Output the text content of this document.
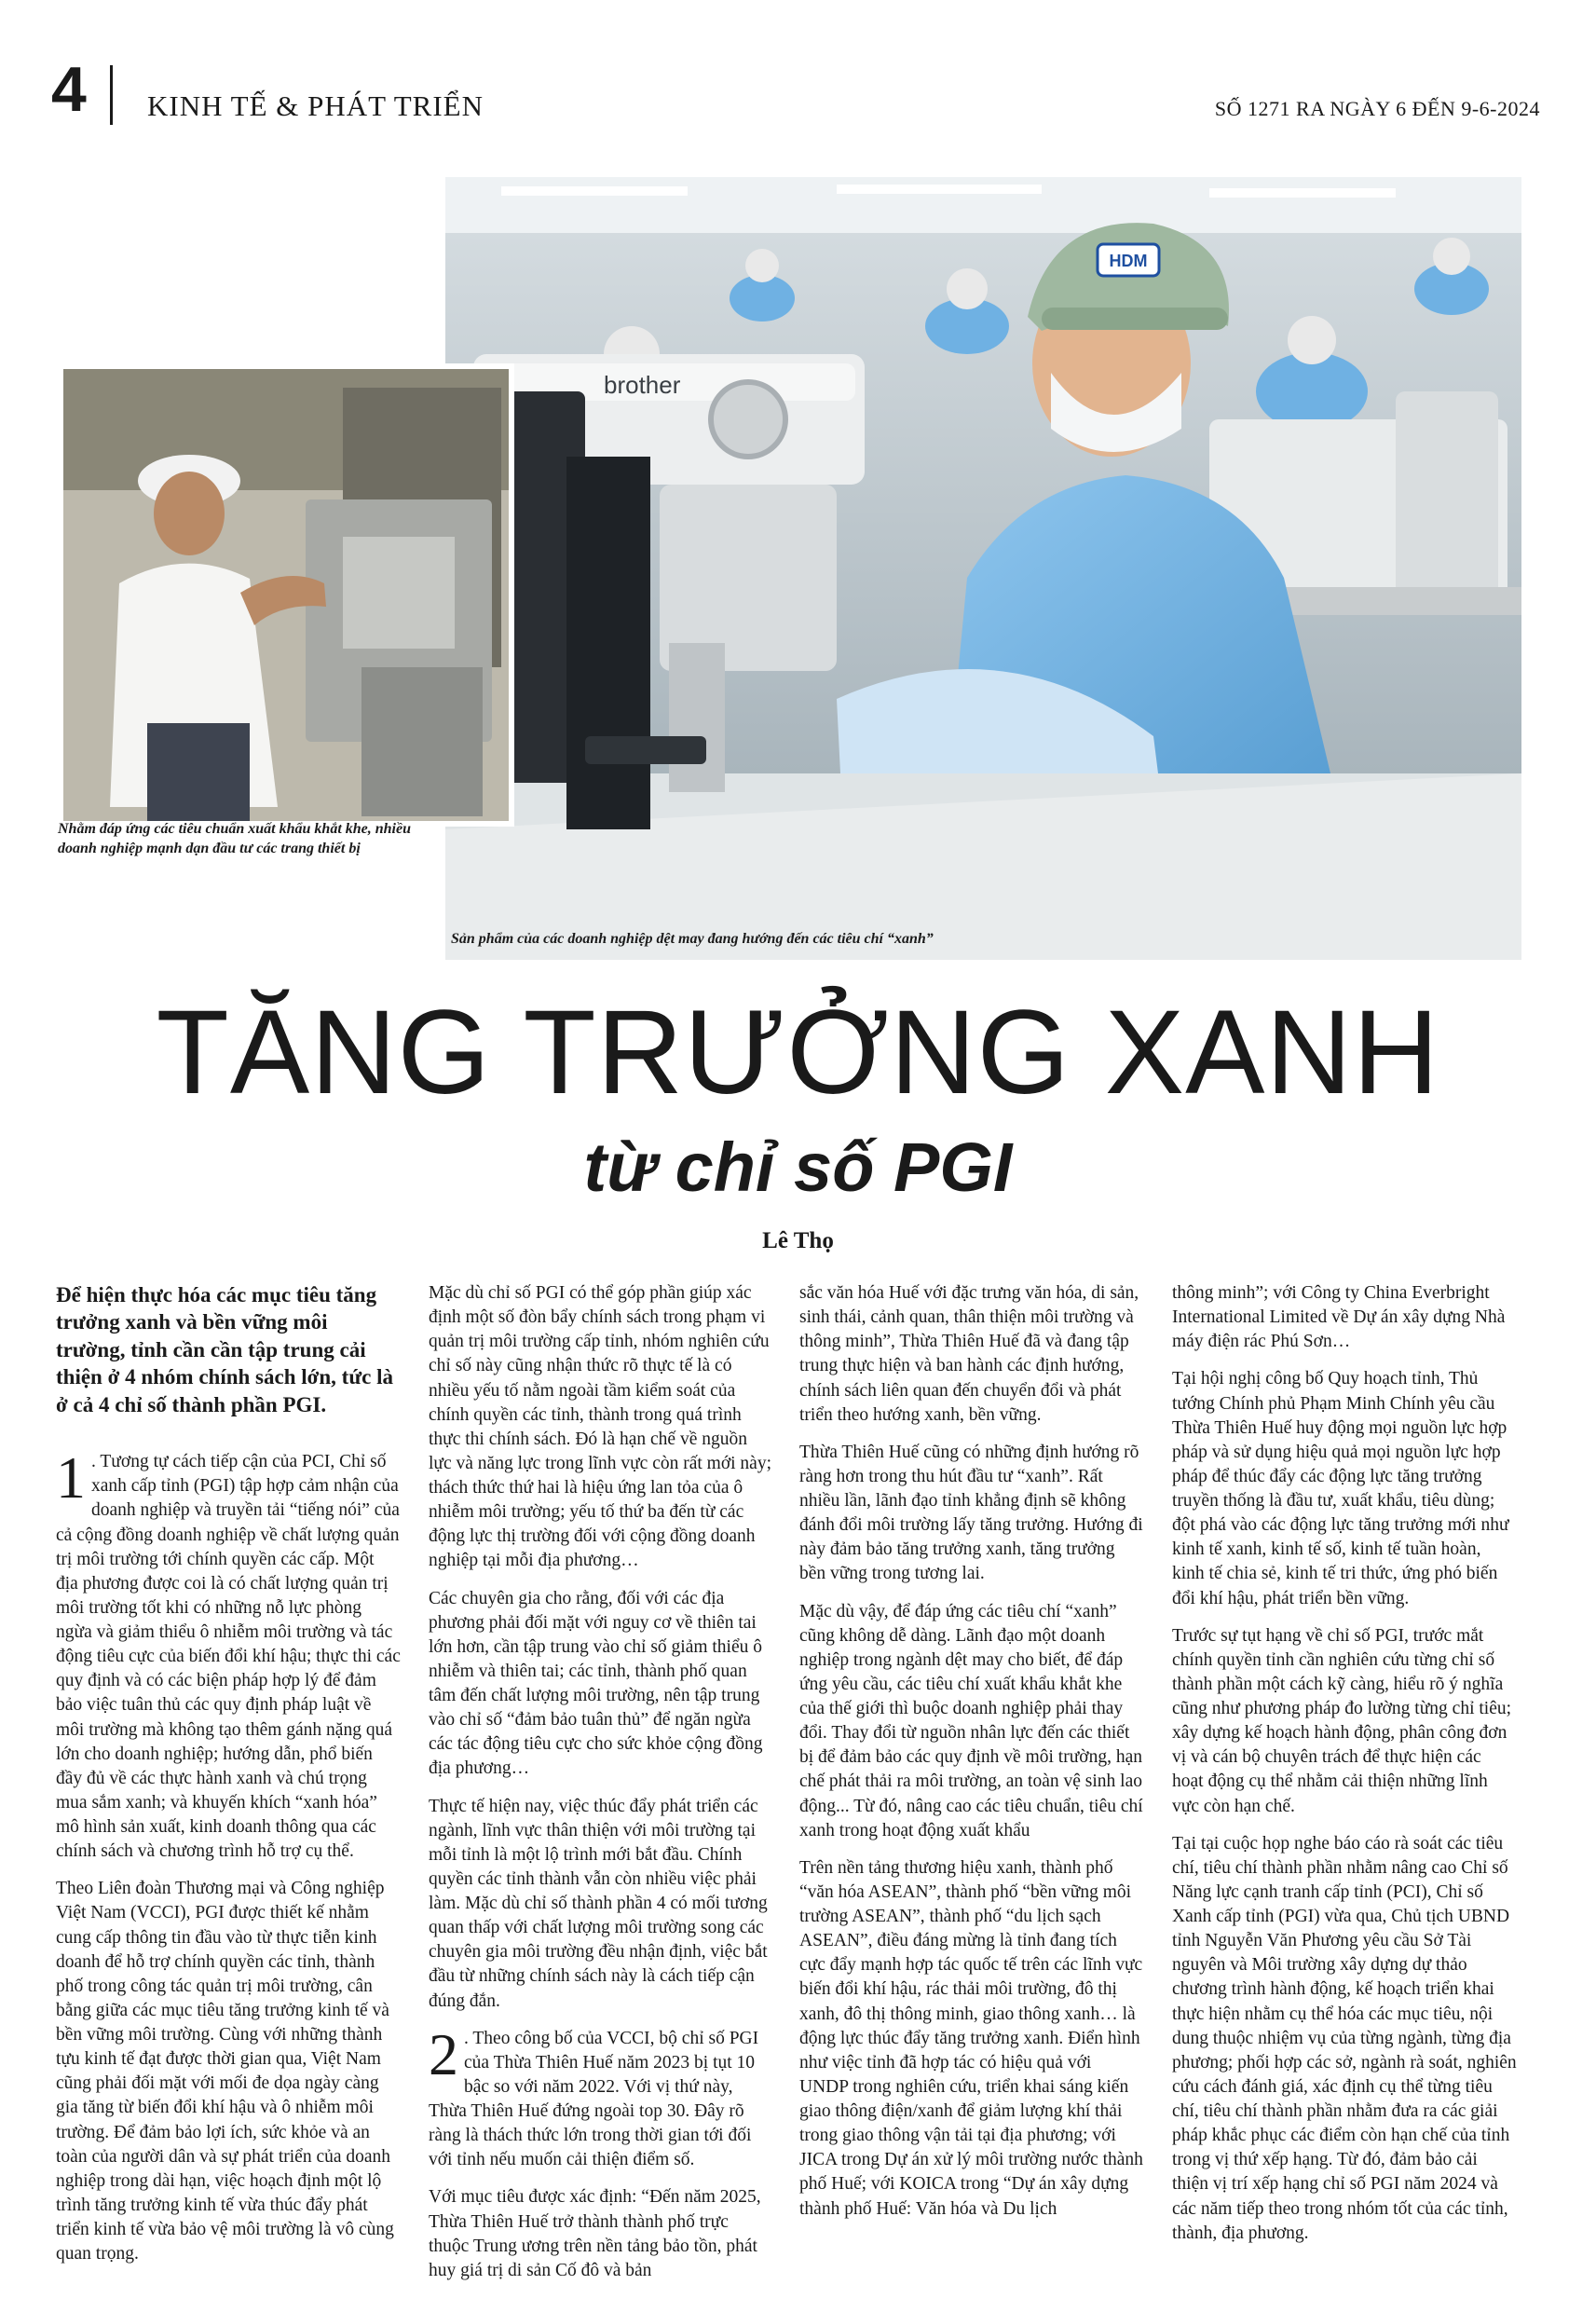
4 KINH TẾ & PHÁT TRIỂN	SỐ 1271 RA NGÀY 6 ĐẾN 9-6-2024
HDM
brother
Nhằm đáp ứng các tiêu chuẩn xuất khẩu khắt khe, nhiều doanh nghiệp mạnh dạn đầu tư các trang thiết bị
Sản phẩm của các doanh nghiệp dệt may đang hướng đến các tiêu chí “xanh”
TĂNG TRƯỞNG XANH
từ chỉ số PGI
Lê Thọ

Để hiện thực hóa các mục tiêu tăng trưởng xanh và bền vững môi trường, tỉnh cần cần tập trung cải thiện ở 4 nhóm chính sách lớn, tức là ở cả 4 chỉ số thành phần PGI.

1 . Tương tự cách tiếp cận của PCI, Chỉ số xanh cấp tỉnh (PGI) tập hợp cảm nhận của doanh nghiệp và truyền tải “tiếng nói” của cả cộng đồng doanh nghiệp về chất lượng quản trị môi trường tới chính quyền các cấp. Một địa phương được coi là có chất lượng quản trị môi trường tốt khi có những nỗ lực phòng ngừa và giảm thiểu ô nhiễm môi trường và tác động tiêu cực của biến đổi khí hậu; thực thi các quy định và có các biện pháp hợp lý để đảm bảo việc tuân thủ các quy định pháp luật về môi trường mà không tạo thêm gánh nặng quá lớn cho doanh nghiệp; hướng dẫn, phổ biến đầy đủ về các thực hành xanh và chú trọng mua sắm xanh; và khuyến khích “xanh hóa” mô hình sản xuất, kinh doanh thông qua các chính sách và chương trình hỗ trợ cụ thể.

Theo Liên đoàn Thương mại và Công nghiệp Việt Nam (VCCI), PGI được thiết kế nhằm cung cấp thông tin đầu vào từ thực tiễn kinh doanh để hỗ trợ chính quyền các tỉnh, thành phố trong công tác quản trị môi trường, cân bằng giữa các mục tiêu tăng trưởng kinh tế và bền vững môi trường. Cùng với những thành tựu kinh tế đạt được thời gian qua, Việt Nam cũng phải đối mặt với mối đe dọa ngày càng gia tăng từ biến đổi khí hậu và ô nhiễm môi trường. Để đảm bảo lợi ích, sức khỏe và an toàn của người dân và sự phát triển của doanh nghiệp trong dài hạn, việc hoạch định một lộ trình tăng trưởng kinh tế vừa thúc đẩy phát triển kinh tế vừa bảo vệ môi trường là vô cùng quan trọng.

Mặc dù chỉ số PGI có thể góp phần giúp xác định một số đòn bẩy chính sách trong phạm vi quản trị môi trường cấp tỉnh, nhóm nghiên cứu chỉ số này cũng nhận thức rõ thực tế là có nhiều yếu tố nằm ngoài tầm kiểm soát của chính quyền các tỉnh, thành trong quá trình thực thi chính sách. Đó là hạn chế về nguồn lực và năng lực trong lĩnh vực còn rất mới này; thách thức thứ hai là hiệu ứng lan tỏa của ô nhiễm môi trường; yếu tố thứ ba đến từ các động lực thị trường đối với cộng đồng doanh nghiệp tại mỗi địa phương…

Các chuyên gia cho rằng, đối với các địa phương phải đối mặt với nguy cơ về thiên tai lớn hơn, cần tập trung vào chỉ số giảm thiểu ô nhiễm và thiên tai; các tỉnh, thành phố quan tâm đến chất lượng môi trường, nên tập trung vào chỉ số “đảm bảo tuân thủ” để ngăn ngừa các tác động tiêu cực cho sức khỏe cộng đồng địa phương…

Thực tế hiện nay, việc thúc đẩy phát triển các ngành, lĩnh vực thân thiện với môi trường tại mỗi tỉnh là một lộ trình mới bắt đầu. Chính quyền các tỉnh thành vẫn còn nhiều việc phải làm. Mặc dù chỉ số thành phần 4 có mối tương quan thấp với chất lượng môi trường song các chuyên gia môi trường đều nhận định, việc bắt đầu từ những chính sách này là cách tiếp cận đúng đắn.

2 . Theo công bố của VCCI, bộ chỉ số PGI của Thừa Thiên Huế năm 2023 bị tụt 10 bậc so với năm 2022. Với vị thứ này, Thừa Thiên Huế đứng ngoài top 30. Đây rõ ràng là thách thức lớn trong thời gian tới đối với tỉnh nếu muốn cải thiện điểm số.

Với mục tiêu được xác định: “Đến năm 2025, Thừa Thiên Huế trở thành thành phố trực thuộc Trung ương trên nền tảng bảo tồn, phát huy giá trị di sản Cố đô và bản

sắc văn hóa Huế với đặc trưng văn hóa, di sản, sinh thái, cảnh quan, thân thiện môi trường và thông minh”, Thừa Thiên Huế đã và đang tập trung thực hiện và ban hành các định hướng, chính sách liên quan đến chuyển đổi và phát triển theo hướng xanh, bền vững.

Thừa Thiên Huế cũng có những định hướng rõ ràng hơn trong thu hút đầu tư “xanh”. Rất nhiều lần, lãnh đạo tỉnh khẳng định sẽ không đánh đổi môi trường lấy tăng trưởng. Hướng đi này đảm bảo tăng trưởng xanh, tăng trưởng bền vững trong tương lai.

Mặc dù vậy, để đáp ứng các tiêu chí “xanh” cũng không dễ dàng. Lãnh đạo một doanh nghiệp trong ngành dệt may cho biết, để đáp ứng yêu cầu, các tiêu chí xuất khẩu khắt khe của thế giới thì buộc doanh nghiệp phải thay đổi. Thay đổi từ nguồn nhân lực đến các thiết bị để đảm bảo các quy định về môi trường, hạn chế phát thải ra môi trường, an toàn vệ sinh lao động... Từ đó, nâng cao các tiêu chuẩn, tiêu chí xanh trong hoạt động xuất khẩu

Trên nền tảng thương hiệu xanh, thành phố “văn hóa ASEAN”, thành phố “bền vững môi trường ASEAN”, thành phố “du lịch sạch ASEAN”, điều đáng mừng là tỉnh đang tích cực đẩy mạnh hợp tác quốc tế trên các lĩnh vực biến đổi khí hậu, rác thải môi trường, đô thị xanh, đô thị thông minh, giao thông xanh… là động lực thúc đẩy tăng trưởng xanh. Điển hình như việc tỉnh đã hợp tác có hiệu quả với UNDP trong nghiên cứu, triển khai sáng kiến giao thông điện/xanh để giảm lượng khí thải trong giao thông vận tải tại địa phương; với JICA trong Dự án xử lý môi trường nước thành phố Huế; với KOICA trong “Dự án xây dựng thành phố Huế: Văn hóa và Du lịch

thông minh”; với Công ty China Everbright International Limited về Dự án xây dựng Nhà máy điện rác Phú Sơn…

Tại hội nghị công bố Quy hoạch tỉnh, Thủ tướng Chính phủ Phạm Minh Chính yêu cầu Thừa Thiên Huế huy động mọi nguồn lực hợp pháp và sử dụng hiệu quả mọi nguồn lực hợp pháp để thúc đẩy các động lực tăng trưởng truyền thống là đầu tư, xuất khẩu, tiêu dùng; đột phá vào các động lực tăng trưởng mới như kinh tế xanh, kinh tế số, kinh tế tuần hoàn, kinh tế chia sẻ, kinh tế tri thức, ứng phó biến đổi khí hậu, phát triển bền vững.

Trước sự tụt hạng về chỉ số PGI, trước mắt chính quyền tỉnh cần nghiên cứu từng chỉ số thành phần một cách kỹ càng, hiểu rõ ý nghĩa cũng như phương pháp đo lường từng chỉ tiêu; xây dựng kế hoạch hành động, phân công đơn vị và cán bộ chuyên trách để thực hiện các hoạt động cụ thể nhằm cải thiện những lĩnh vực còn hạn chế.

Tại tại cuộc họp nghe báo cáo rà soát các tiêu chí, tiêu chí thành phần nhằm nâng cao Chỉ số Năng lực cạnh tranh cấp tỉnh (PCI), Chỉ số Xanh cấp tỉnh (PGI) vừa qua, Chủ tịch UBND tỉnh Nguyễn Văn Phương yêu cầu Sở Tài nguyên và Môi trường xây dựng dự thảo chương trình hành động, kế hoạch triển khai thực hiện nhằm cụ thể hóa các mục tiêu, nội dung thuộc nhiệm vụ của từng ngành, từng địa phương; phối hợp các sở, ngành rà soát, nghiên cứu cách đánh giá, xác định cụ thể từng tiêu chí, tiêu chí thành phần nhằm đưa ra các giải pháp khắc phục các điểm còn hạn chế của tỉnh trong vị thứ xếp hạng. Từ đó, đảm bảo cải thiện vị trí xếp hạng chỉ số PGI năm 2024 và các năm tiếp theo trong nhóm tốt của các tỉnh, thành, địa phương.
